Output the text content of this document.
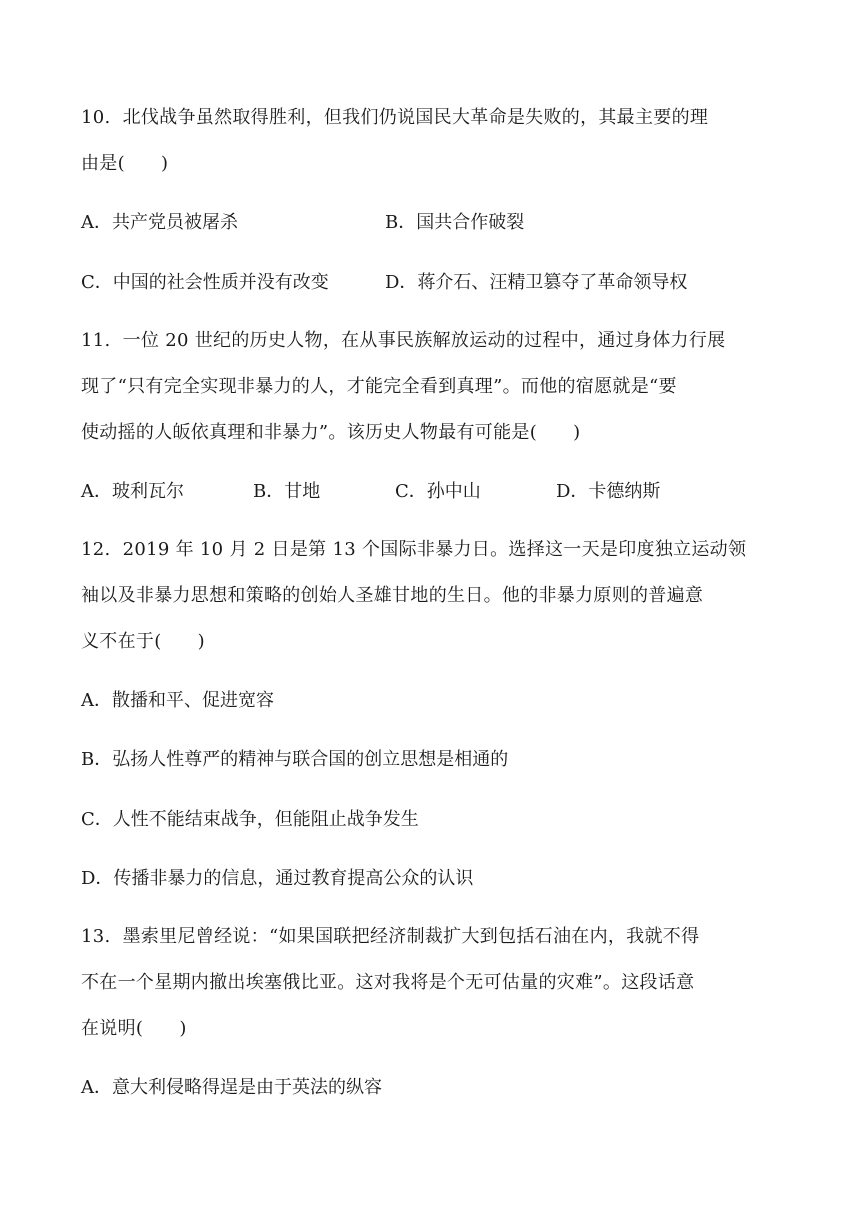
10.  北伐战争虽然取得胜利，但我们仍说国民大革命是失败的，其最主要的理
由是(      )
A．共产党员被屠杀	B．国共合作破裂
C．中国的社会性质并没有改变	D．蒋介石、汪精卫篡夺了革命领导权
11.  一位 20 世纪的历史人物，在从事民族解放运动的过程中，通过身体力行展
现了“只有完全实现非暴力的人，才能完全看到真理”。而他的宿愿就是“要
使动摇的人皈依真理和非暴力”。该历史人物最有可能是(      )
A．玻利瓦尔	B．甘地	C．孙中山	D．卡德纳斯
12.  2019 年 10 月 2 日是第 13 个国际非暴力日。选择这一天是印度独立运动领
袖以及非暴力思想和策略的创始人圣雄甘地的生日。他的非暴力原则的普遍意
义不在于(      )
A．散播和平、促进宽容
B．弘扬人性尊严的精神与联合国的创立思想是相通的
C．人性不能结束战争，但能阻止战争发生
D．传播非暴力的信息，通过教育提高公众的认识
13.  墨索里尼曾经说：“如果国联把经济制裁扩大到包括石油在内，我就不得
不在一个星期内撤出埃塞俄比亚。这对我将是个无可估量的灾难”。这段话意
在说明(      )
A．意大利侵略得逞是由于英法的纵容
